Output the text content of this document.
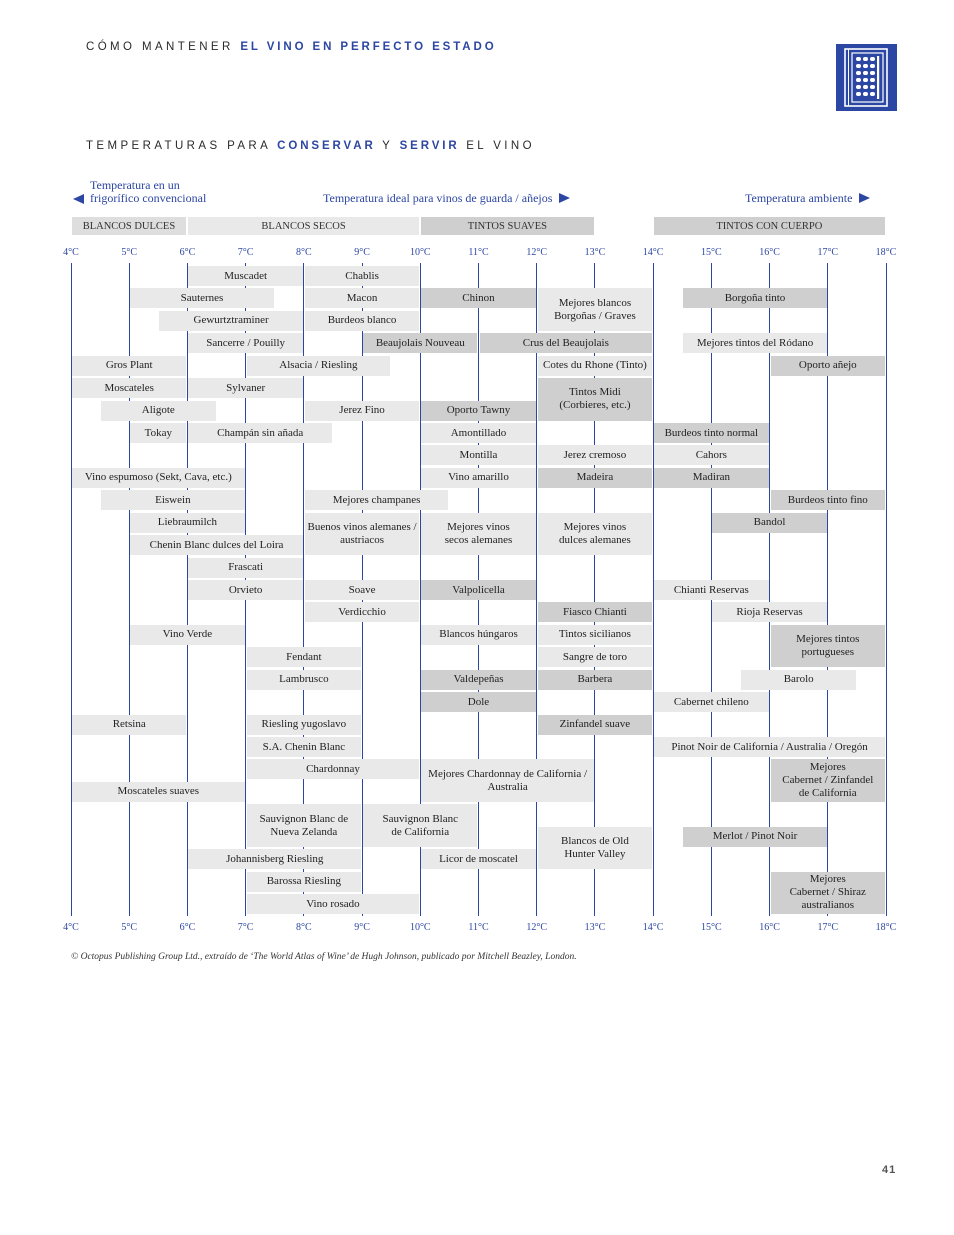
CÓMO MANTENER EL VINO EN PERFECTO ESTADO
TEMPERATURAS PARA CONSERVAR Y SERVIR EL VINO
Temperatura en un
frigorífico convencional	Temperatura ideal para vinos de guarda / añejos	Temperatura ambiente
4°C
4°C
5°C
5°C
6°C
6°C
7°C
7°C
8°C
8°C
9°C
9°C
10°C
10°C
11°C
11°C
12°C
12°C
13°C
13°C
14°C
14°C
15°C
15°C
16°C
16°C
17°C
17°C
18°C
18°C
BLANCOS DULCES	BLANCOS SECOS	TINTOS SUAVES	TINTOS CON CUERPO
Muscadet	Chablis
Sauternes	Macon	Chinon	Mejores blancos
Borgoñas / Graves
Borgoña tinto
Gewurtztraminer	Burdeos blanco
Sancerre / Pouilly	Beaujolais Nouveau	Crus del Beaujolais	Mejores tintos del Ródano
Gros Plant	Alsacia / Riesling	Cotes du Rhone (Tinto)	Oporto añejo
Moscateles	Sylvaner	Tintos Midi
(Corbieres, etc.)
Aligote	Jerez Fino	Oporto Tawny
Tokay	Champán sin añada	Amontillado	Burdeos tinto normal
Montilla	Jerez cremoso	Cahors
Vino espumoso (Sekt, Cava, etc.)	Vino amarillo	Madeira	Madiran
Eiswein	Mejores champanes	Burdeos tinto fino
Liebraumilch	Buenos vinos alemanes /
austriacos
Mejores vinos
secos alemanes
Mejores vinos
dulces alemanes
Bandol
Chenin Blanc dulces del Loira
Frascati
Orvieto	Soave	Valpolicella	Chianti Reservas
Verdicchio	Fiasco Chianti	Rioja Reservas
Vino Verde	Blancos húngaros	Tintos sicilianos	Mejores tintos
portugueses
Fendant	Sangre de toro
Lambrusco	Valdepeñas	Barbera	Barolo
Dole	Cabernet chileno
Retsina	Riesling yugoslavo	Zinfandel suave
S.A. Chenin Blanc	Pinot Noir de California / Australia / Oregón
Chardonnay	Mejores Chardonnay de California /
Australia
Mejores
Cabernet / Zinfandel
de California
Moscateles suaves
Sauvignon Blanc de
Nueva Zelanda
Sauvignon Blanc
de California
Blancos de Old
Hunter Valley
Merlot / Pinot Noir
Johannisberg Riesling	Licor de moscatel
Barossa Riesling	Mejores
Cabernet / Shiraz
australianos
Vino rosado
© Octopus Publishing Group Ltd., extraído de ‘The World Atlas of Wine’ de Hugh Johnson, publicado por Mitchell Beazley, London.
41
